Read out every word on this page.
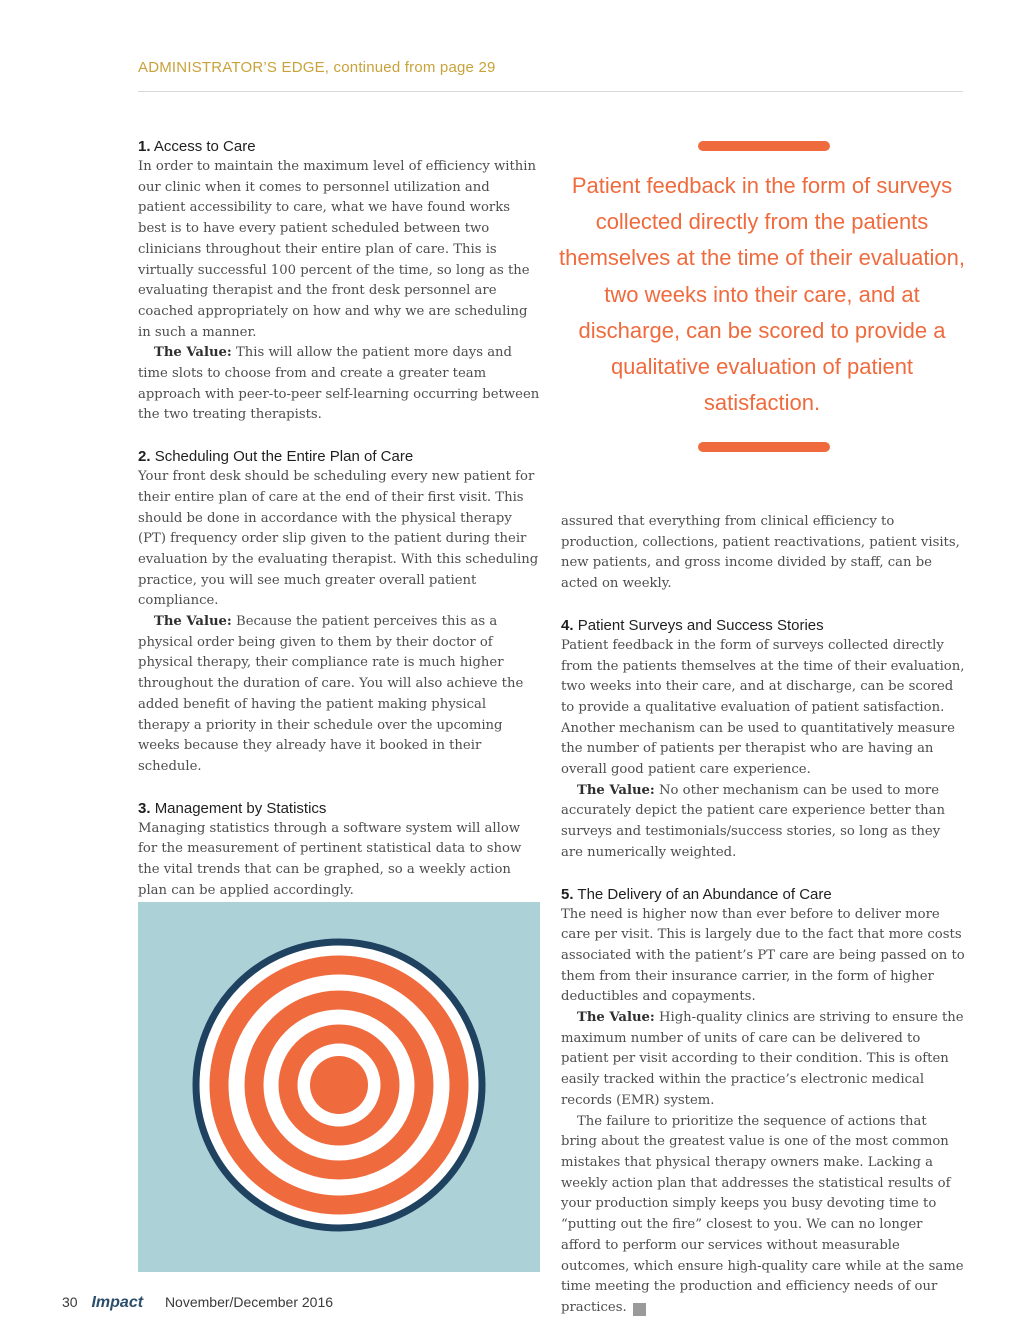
ADMINISTRATOR’S EDGE, continued from page 29
1. Access to Care

In order to maintain the maximum level of efficiency within our clinic when it comes to personnel utilization and patient accessibility to care, what we have found works best is to have every patient scheduled between two clinicians throughout their entire plan of care. This is virtually successful 100 percent of the time, so long as the evaluating therapist and the front desk personnel are coached appropriately on how and why we are scheduling in such a manner.

The Value: This will allow the patient more days and time slots to choose from and create a greater team approach with peer-to-peer self-learning occurring between the two treating therapists.

2. Scheduling Out the Entire Plan of Care

Your front desk should be scheduling every new patient for their entire plan of care at the end of their first visit. This should be done in accordance with the physical therapy (PT) frequency order slip given to the patient during their evaluation by the evaluating therapist. With this scheduling practice, you will see much greater overall patient compliance.

The Value: Because the patient perceives this as a physical order being given to them by their doctor of physical therapy, their compliance rate is much higher throughout the duration of care. You will also achieve the added benefit of having the patient making physical therapy a priority in their schedule over the upcoming weeks because they already have it booked in their schedule.

3. Management by Statistics

Managing statistics through a software system will allow for the measurement of pertinent statistical data to show the vital trends that can be graphed, so a weekly action plan can be applied accordingly.

Patient feedback in the form of surveys collected directly from the patients themselves at the time of their evaluation, two weeks into their care, and at discharge, can be scored to provide a qualitative evaluation of patient satisfaction.

assured that everything from clinical efficiency to production, collections, patient reactivations, patient visits, new patients, and gross income divided by staff, can be acted on weekly.

4. Patient Surveys and Success Stories

Patient feedback in the form of surveys collected directly from the patients themselves at the time of their evaluation, two weeks into their care, and at discharge, can be scored to provide a qualitative evaluation of patient satisfaction. Another mechanism can be used to quantitatively measure the number of patients per therapist who are having an overall good patient care experience.

The Value: No other mechanism can be used to more accurately depict the patient care experience better than surveys and testimonials/success stories, so long as they are numerically weighted.

5. The Delivery of an Abundance of Care

The need is higher now than ever before to deliver more care per visit. This is largely due to the fact that more costs associated with the patient’s PT care are being passed on to them from their insurance carrier, in the form of higher deductibles and copayments.

The Value: High-quality clinics are striving to ensure the maximum number of units of care can be delivered to patient per visit according to their condition. This is often easily tracked within the practice’s electronic medical records (EMR) system.

The failure to prioritize the sequence of actions that bring about the greatest value is one of the most common mistakes that physical therapy owners make. Lacking a weekly action plan that addresses the statistical results of your production simply keeps you busy devoting time to “putting out the fire” closest to you. We can no longer afford to perform our services without measurable outcomes, which ensure high-quality care while at the same time meeting the production and efficiency needs of our practices. I

30 Impact November/December 2016
